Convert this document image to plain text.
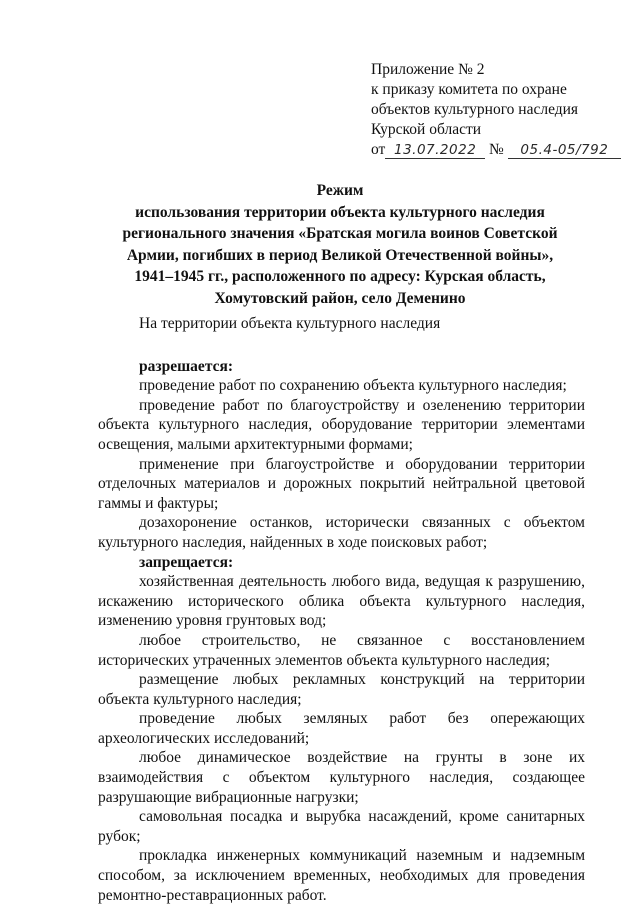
Приложение № 2
к приказу комитета по охране
объектов культурного наследия
Курской области
от 13.07.2022 №	05.4-05/792
Режим
использования территории объекта культурного наследия
регионального значения «Братская могила воинов Советской
Армии, погибших в период Великой Отечественной войны»,
1941–1945 гг., расположенного по адресу: Курская область,
Хомутовский район, село Деменино

На территории объекта культурного наследия

разрешается:

проведение работ по сохранению объекта культурного наследия;

проведение работ по благоустройству и озеленению территории объекта культурного наследия, оборудование территории элементами освещения, малыми архитектурными формами;

применение при благоустройстве и оборудовании территории отделочных материалов и дорожных покрытий нейтральной цветовой гаммы и фактуры;

дозахоронение останков, исторически связанных с объектом культурного наследия, найденных в ходе поисковых работ;

запрещается:

хозяйственная деятельность любого вида, ведущая к разрушению, искажению исторического облика объекта культурного наследия, изменению уровня грунтовых вод;

любое строительство, не связанное с восстановлением исторических утраченных элементов объекта культурного наследия;

размещение любых рекламных конструкций на территории объекта культурного наследия;

проведение любых земляных работ без опережающих археологических исследований;

любое динамическое воздействие на грунты в зоне их взаимодействия с объектом культурного наследия, создающее разрушающие вибрационные нагрузки;

самовольная посадка и вырубка насаждений, кроме санитарных рубок;

прокладка инженерных коммуникаций наземным и надземным способом, за исключением временных, необходимых для проведения ремонтно-реставрационных работ.
